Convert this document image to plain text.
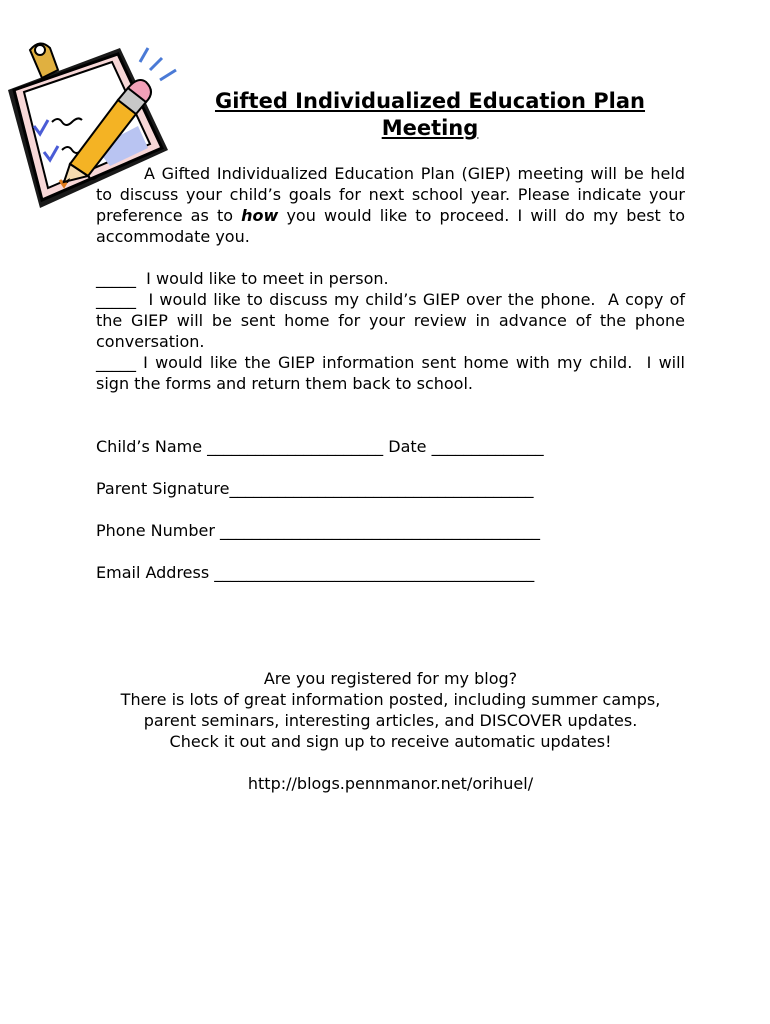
Gifted Individualized Education Plan
Meeting

A Gifted Individualized Education Plan (GIEP) meeting will be held to discuss your child’s goals for next school year. Please indicate your preference as to how you would like to proceed. I will do my best to accommodate you.

_____  I would like to meet in person.

_____  I would like to discuss my child’s GIEP over the phone.  A copy of the GIEP will be sent home for your review in advance of the phone conversation.

_____ I would like the GIEP information sent home with my child.  I will sign the forms and return them back to school.

Child’s Name ______________________ Date ______________
Parent Signature______________________________________
Phone Number ________________________________________
Email Address ________________________________________
Are you registered for my blog?
There is lots of great information posted, including summer camps, parent seminars, interesting articles, and DISCOVER updates.
Check it out and sign up to receive automatic updates!
http://blogs.pennmanor.net/orihuel/
